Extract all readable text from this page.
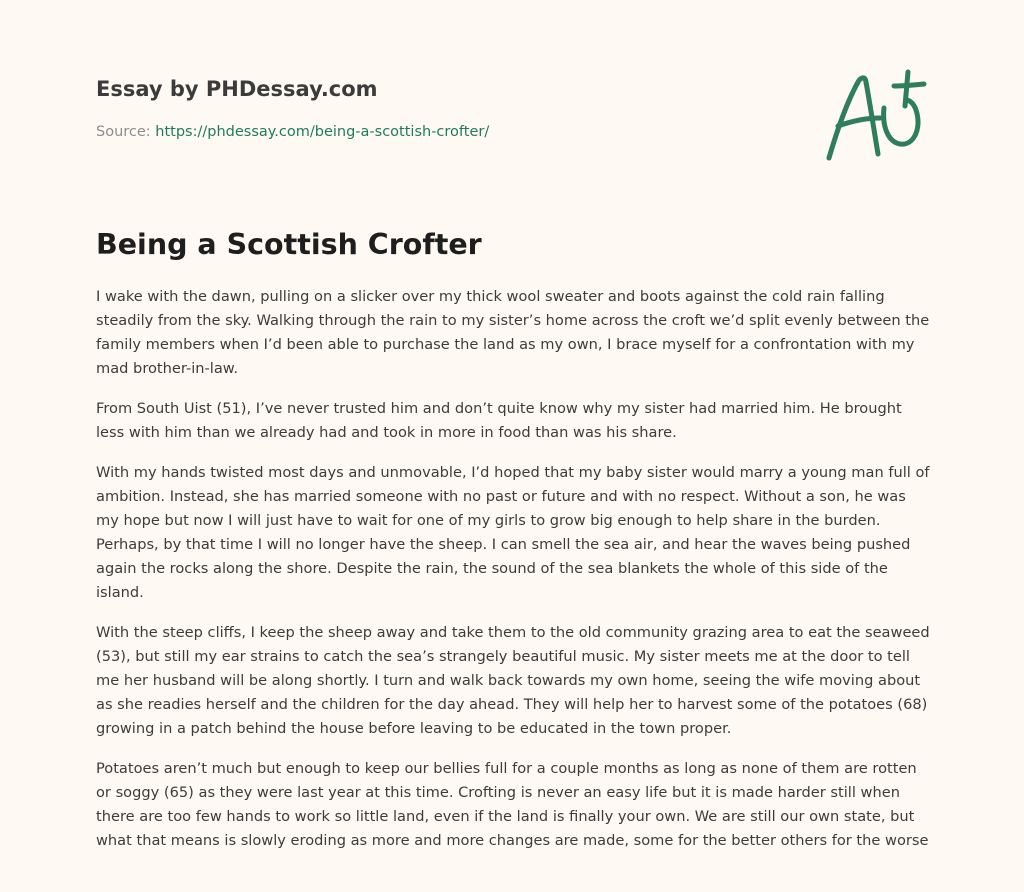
Essay by PHDessay.com
Source: https://phdessay.com/being-a-scottish-crofter/
Being a Scottish Crofter

I wake with the dawn, pulling on a slicker over my thick wool sweater and boots against the cold rain falling steadily from the sky. Walking through the rain to my sister’s home across the croft we’d split evenly between the family members when I’d been able to purchase the land as my own, I brace myself for a confrontation with my mad brother-in-law.

From South Uist (51), I’ve never trusted him and don’t quite know why my sister had married him. He brought less with him than we already had and took in more in food than was his share.

With my hands twisted most days and unmovable, I’d hoped that my baby sister would marry a young man full of ambition. Instead, she has married someone with no past or future and with no respect. Without a son, he was my hope but now I will just have to wait for one of my girls to grow big enough to help share in the burden. Perhaps, by that time I will no longer have the sheep. I can smell the sea air, and hear the waves being pushed again the rocks along the shore. Despite the rain, the sound of the sea blankets the whole of this side of the island.

With the steep cliffs, I keep the sheep away and take them to the old community grazing area to eat the seaweed (53), but still my ear strains to catch the sea’s strangely beautiful music. My sister meets me at the door to tell me her husband will be along shortly. I turn and walk back towards my own home, seeing the wife moving about as she readies herself and the children for the day ahead. They will help her to harvest some of the potatoes (68) growing in a patch behind the house before leaving to be educated in the town proper.

Potatoes aren’t much but enough to keep our bellies full for a couple months as long as none of them are rotten or soggy (65) as they were last year at this time. Crofting is never an easy life but it is made harder still when there are too few hands to work so little land, even if the land is finally your own. We are still our own state, but what that means is slowly eroding as more and more changes are made, some for the better others for the worse
